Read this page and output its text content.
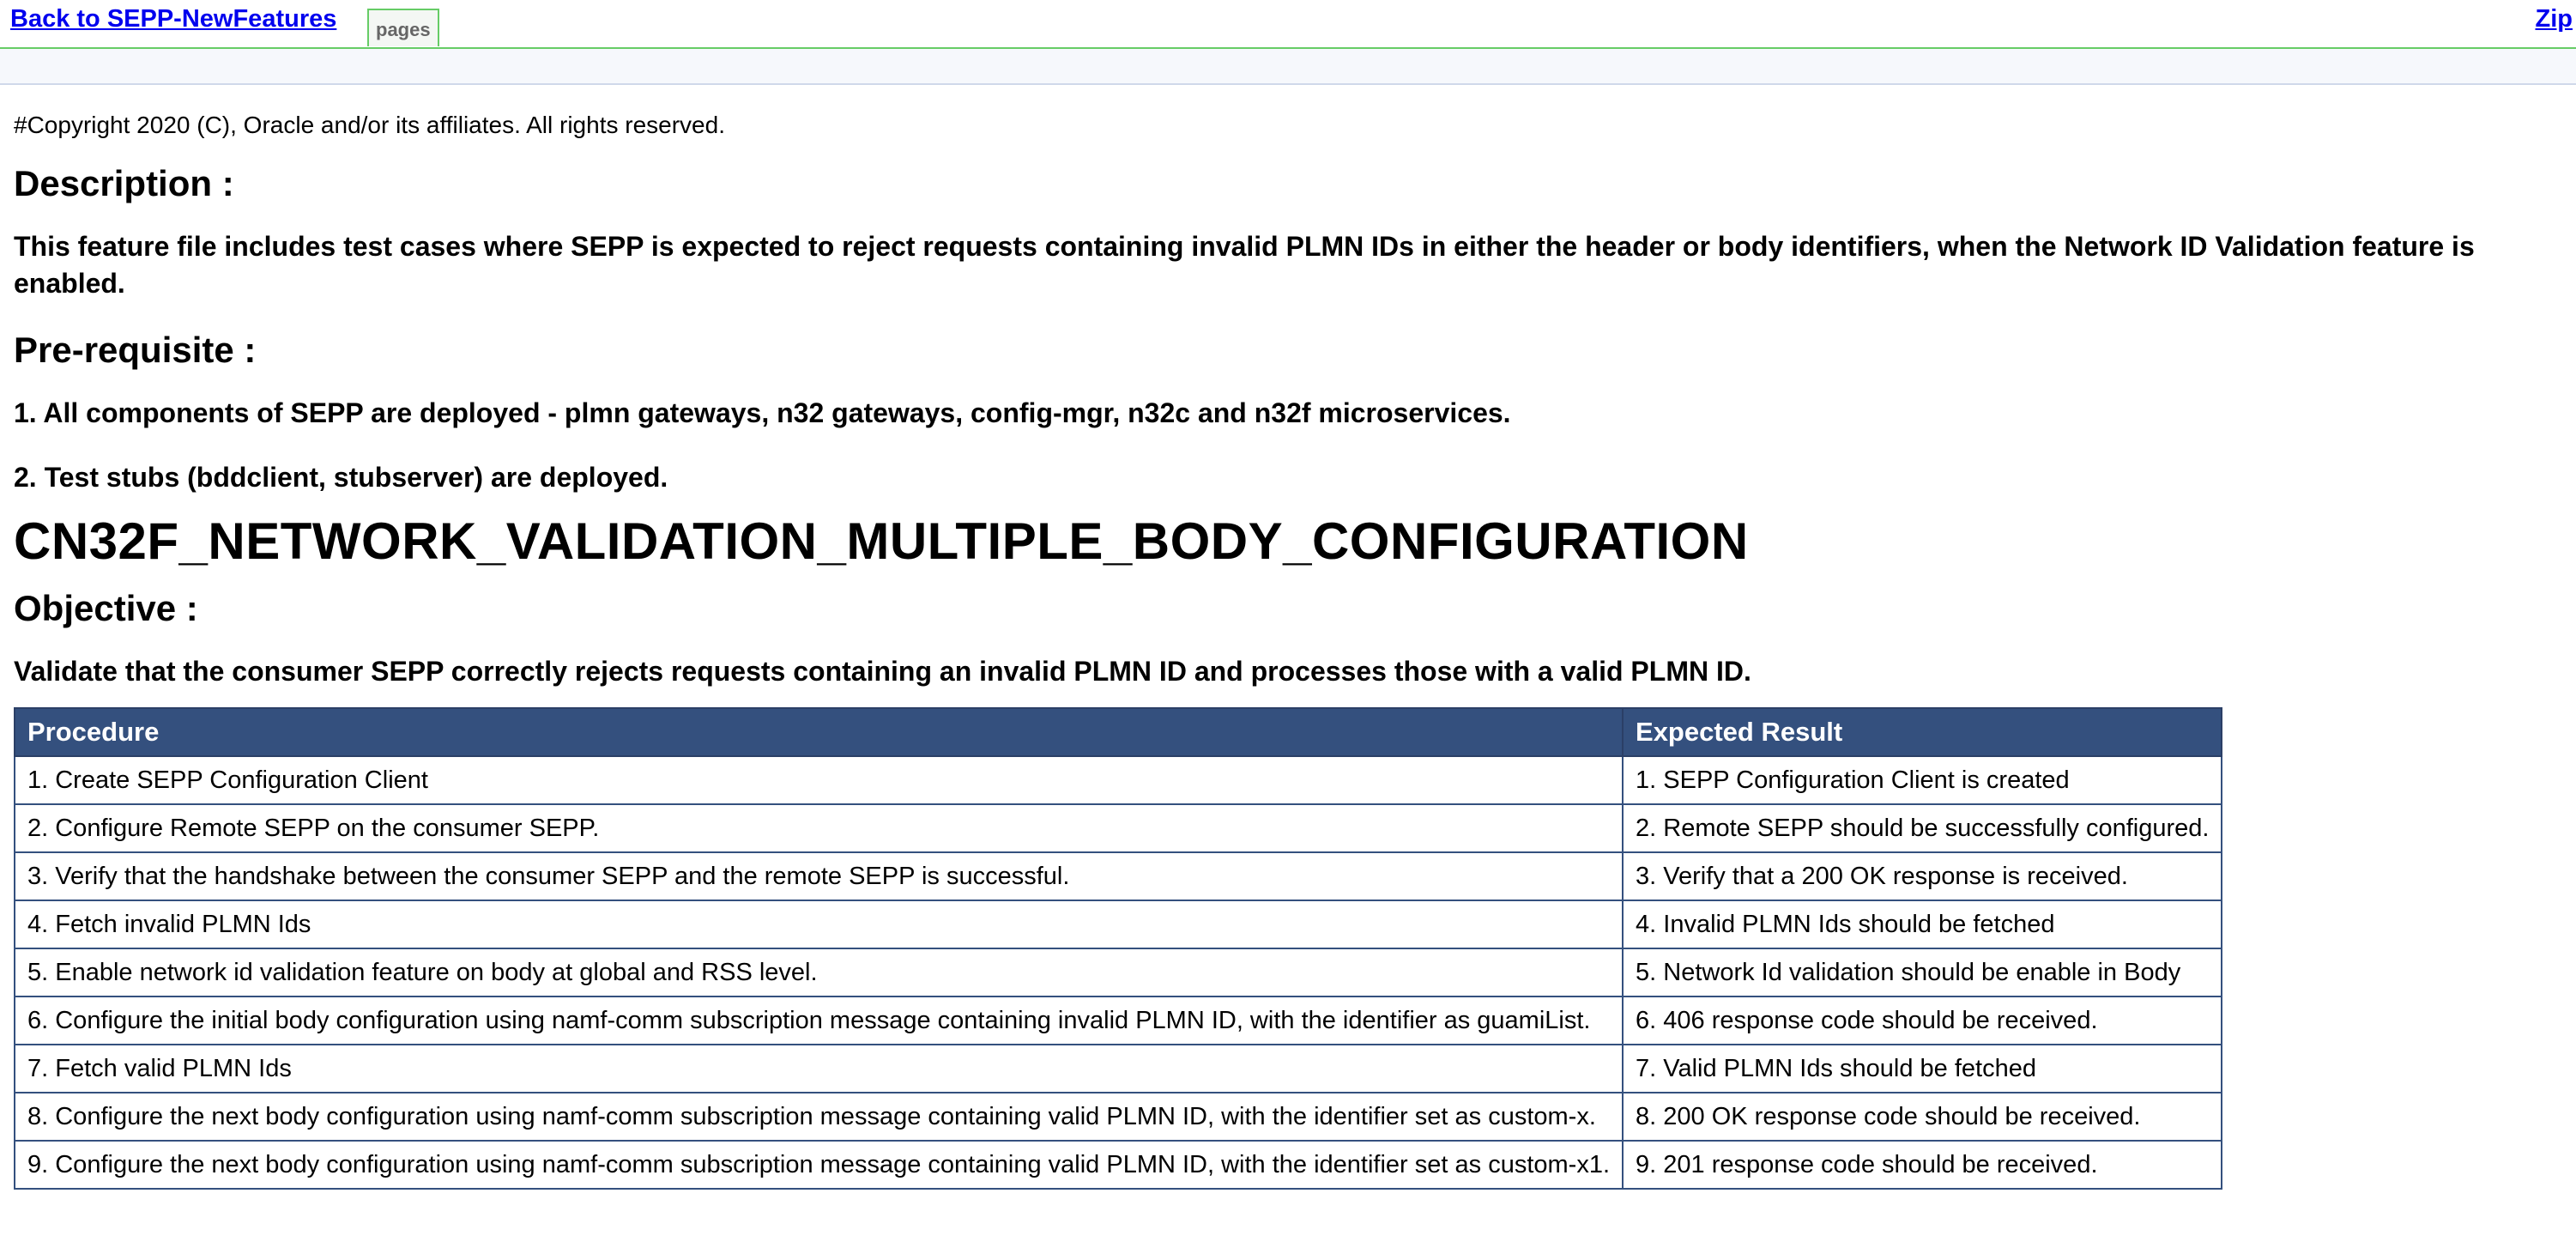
Back to SEPP-NewFeatures	pages	Zip
#Copyright 2020 (C), Oracle and/or its affiliates. All rights reserved.
Description :
This feature file includes test cases where SEPP is expected to reject requests containing invalid PLMN IDs in either the header or body identifiers, when the Network ID Validation feature is enabled.
Pre-requisite :
1. All components of SEPP are deployed - plmn gateways, n32 gateways, config-mgr, n32c and n32f microservices.
2. Test stubs (bddclient, stubserver) are deployed.
CN32F_NETWORK_VALIDATION_MULTIPLE_BODY_CONFIGURATION
Objective :
Validate that the consumer SEPP correctly rejects requests containing an invalid PLMN ID and processes those with a valid PLMN ID.
Procedure	Expected Result
1. Create SEPP Configuration Client	1. SEPP Configuration Client is created
2. Configure Remote SEPP on the consumer SEPP.	2. Remote SEPP should be successfully configured.
3. Verify that the handshake between the consumer SEPP and the remote SEPP is successful.	3. Verify that a 200 OK response is received.
4. Fetch invalid PLMN Ids	4. Invalid PLMN Ids should be fetched
5. Enable network id validation feature on body at global and RSS level.	5. Network Id validation should be enable in Body
6. Configure the initial body configuration using namf-comm subscription message containing invalid PLMN ID, with the identifier as guamiList.	6. 406 response code should be received.
7. Fetch valid PLMN Ids	7. Valid PLMN Ids should be fetched
8. Configure the next body configuration using namf-comm subscription message containing valid PLMN ID, with the identifier set as custom-x.	8. 200 OK response code should be received.
9. Configure the next body configuration using namf-comm subscription message containing valid PLMN ID, with the identifier set as custom-x1.	9. 201 response code should be received.
